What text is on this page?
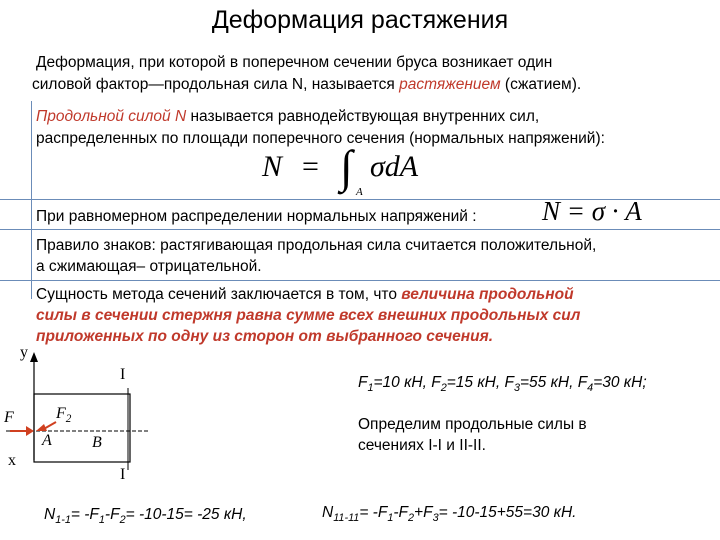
Деформация растяжения
Деформация, при которой в поперечном сечении бруса возникает один
силовой фактор—продольная сила N, называется растяжением (сжатием).
Продольной силой N называется равнодействующая внутренних сил,
распределенных по площади поперечного сечения (нормальных напряжений):
N = ∫ A
σdA
При равномерном распределении нормальных напряжений : N = σ · A
Правило знаков: растягивающая продольная сила считается положительной,
а сжимающая– отрицательной.
Сущность метода сечений заключается в том, что величина продольной
силы в сечении стержня равна сумме всех внешних продольных сил
приложенных по одну из сторон от выбранного сечения.
y
x
I
I
F	$F_2$
A	B
$F_1=10$ кН, $F_2=15$ кН, $F_3=55$ кН, $F_4=30$ кН;
Определим продольные силы в
сечениях I-I и II-II.
$N_{1-1}= -F_1-F_2= -10-15= -25$ кН,	$N_{11-11}= -F_1-F_2+F_3= -10-15+55=30$ кН.
